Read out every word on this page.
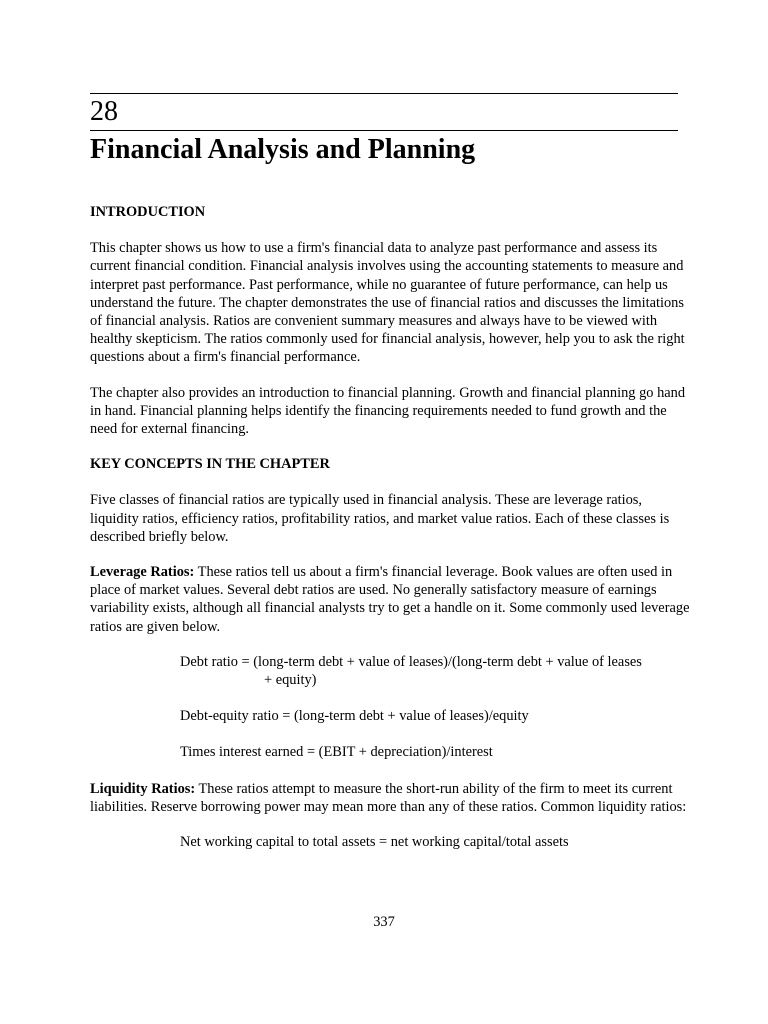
28
Financial Analysis and Planning

INTRODUCTION

This chapter shows us how to use a firm's financial data to analyze past performance and assess its current financial condition. Financial analysis involves using the accounting statements to measure and interpret past performance. Past performance, while no guarantee of future performance, can help us understand the future. The chapter demonstrates the use of financial ratios and discusses the limitations of financial analysis. Ratios are convenient summary measures and always have to be viewed with healthy skepticism. The ratios commonly used for financial analysis, however, help you to ask the right questions about a firm's financial performance.

The chapter also provides an introduction to financial planning. Growth and financial planning go hand in hand. Financial planning helps identify the financing requirements needed to fund growth and the need for external financing.

KEY CONCEPTS IN THE CHAPTER

Five classes of financial ratios are typically used in financial analysis. These are leverage ratios, liquidity ratios, efficiency ratios, profitability ratios, and market value ratios. Each of these classes is described briefly below.

Leverage Ratios: These ratios tell us about a firm's financial leverage. Book values are often used in place of market values. Several debt ratios are used. No generally satisfactory measure of earnings variability exists, although all financial analysts try to get a handle on it. Some commonly used leverage ratios are given below.

Debt ratio = (long-term debt + value of leases)/(long-term debt + value of leases
+ equity)

Debt-equity ratio = (long-term debt + value of leases)/equity

Times interest earned = (EBIT + depreciation)/interest

Liquidity Ratios: These ratios attempt to measure the short-run ability of the firm to meet its current liabilities. Reserve borrowing power may mean more than any of these ratios. Common liquidity ratios:

Net working capital to total assets = net working capital/total assets

337
